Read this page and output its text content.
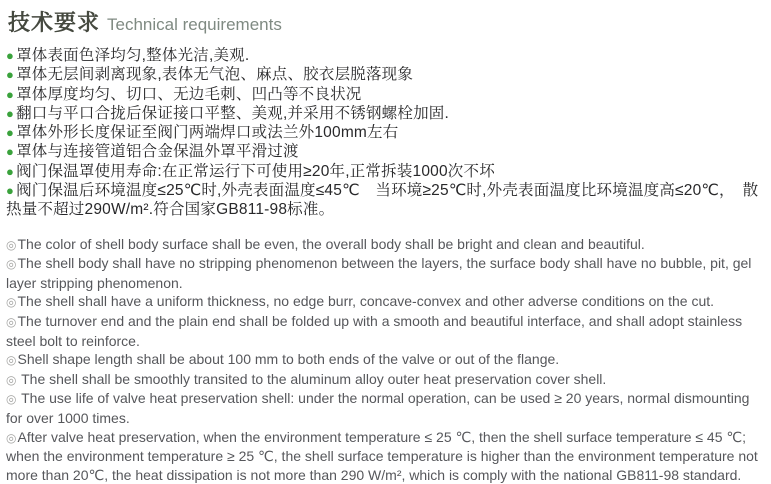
技术要求 Technical requirements
● 罩体表面色泽均匀,整体光洁,美观.
● 罩体无层间剥离现象,表体无气泡、麻点、胶衣层脱落现象
● 罩体厚度均匀、切口、无边毛刺、凹凸等不良状况
● 翻口与平口合拢后保证接口平整、美观,并采用不锈钢螺栓加固.
● 罩体外形长度保证至阀门两端焊口或法兰外100mm左右
● 罩体与连接管道铝合金保温外罩平滑过渡
● 阀门保温罩使用寿命:在正常运行下可使用≥20年,正常拆装1000次不坏
● 阀门保温后环境温度≤25℃时,外壳表面温度≤45℃　当环境≥25℃时,外壳表面温度比环境温度高≤20℃，　散热量不超过290W/m².符合国家GB811-98标准。
◎The color of shell body surface shall be even, the overall body shall be bright and clean and beautiful.
◎The shell body shall have no stripping phenomenon between the layers, the surface body shall have no bubble, pit, gel layer stripping phenomenon.
◎The shell shall have a uniform thickness, no edge burr, concave-convex and other adverse conditions on the cut.
◎The turnover end and the plain end shall be folded up with a smooth and beautiful interface, and shall adopt stainless steel bolt to reinforce.
◎Shell shape length shall be about 100 mm to both ends of the valve or out of the flange.
◎ The shell shall be smoothly transited to the aluminum alloy outer heat preservation cover shell.
◎ The use life of valve heat preservation shell: under the normal operation, can be used ≥ 20 years, normal dismounting for over 1000 times.
◎After valve heat preservation, when the environment temperature ≤ 25 ℃, then the shell surface temperature ≤ 45 ℃; when the environment temperature ≥ 25 ℃, the shell surface temperature is higher than the environment temperature not more than 20℃, the heat dissipation is not more than 290 W/m², which is comply with the national GB811-98 standard.
